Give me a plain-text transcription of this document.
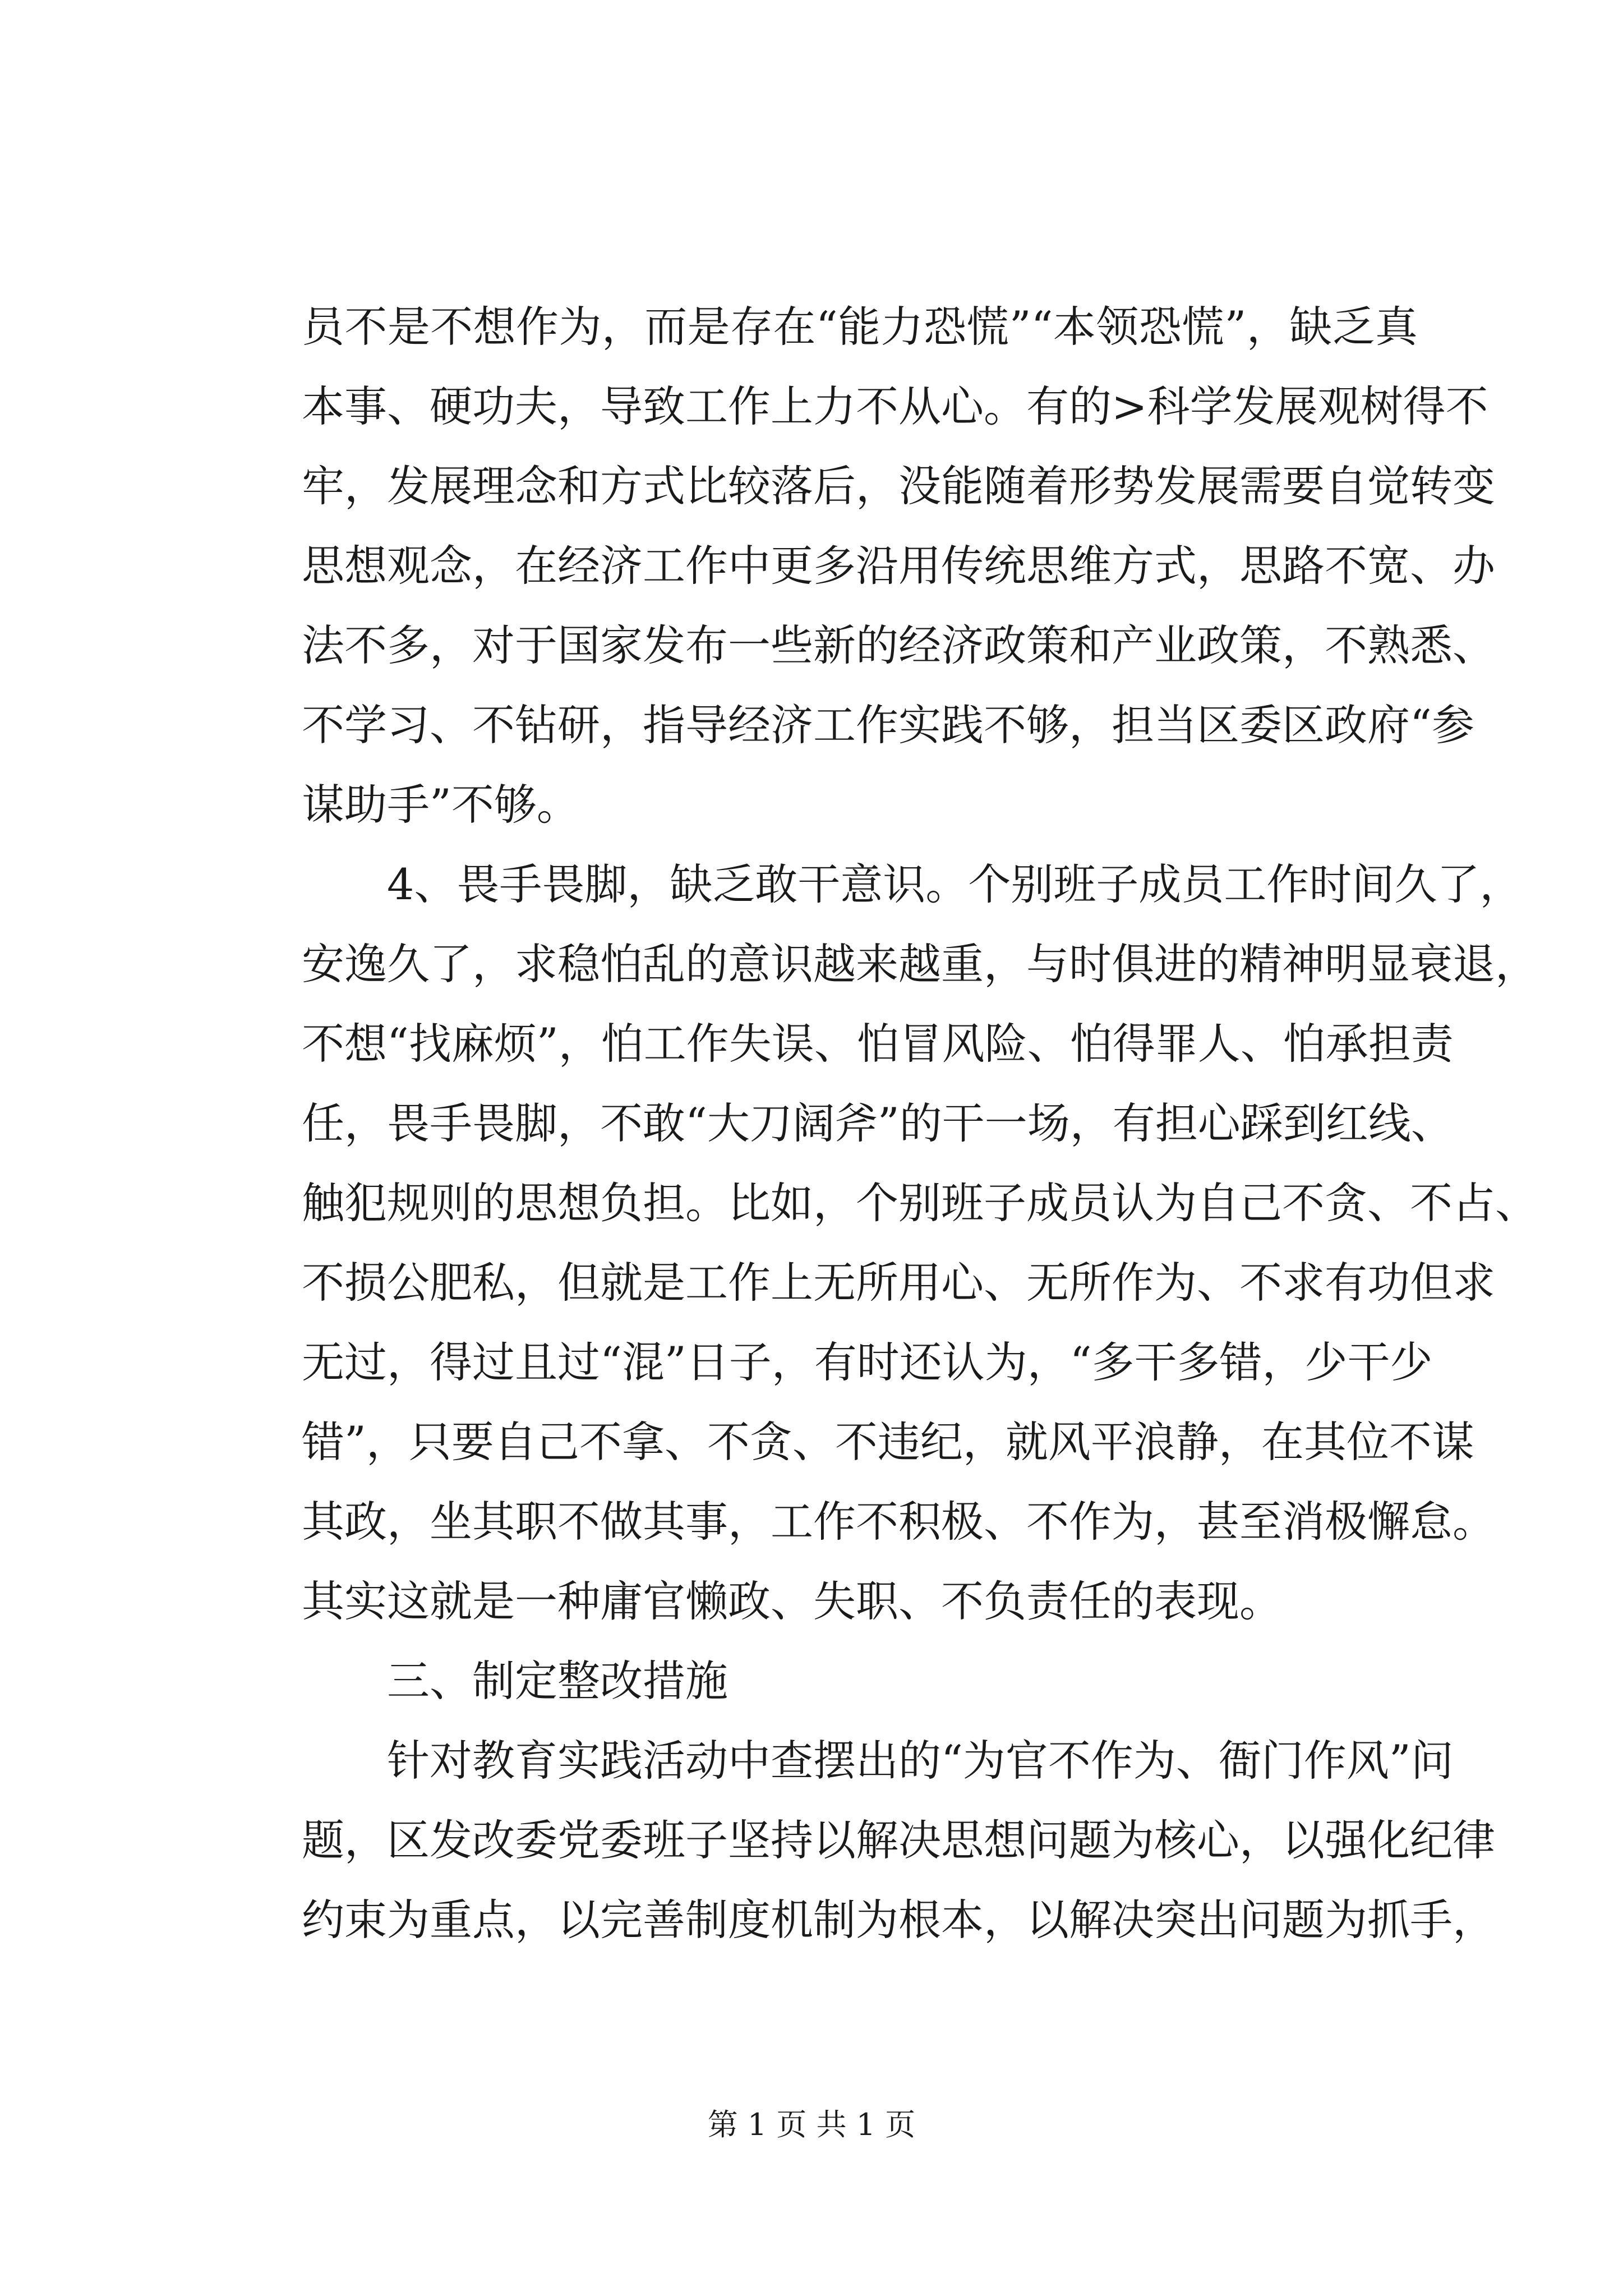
员不是不想作为，而是存在“能力恐慌”“本领恐慌”，缺乏真
本事、硬功夫，导致工作上力不从心。有的>科学发展观树得不
牢，发展理念和方式比较落后，没能随着形势发展需要自觉转变
思想观念，在经济工作中更多沿用传统思维方式，思路不宽、办
法不多，对于国家发布一些新的经济政策和产业政策，不熟悉、
不学习、不钻研，指导经济工作实践不够，担当区委区政府“参
谋助手”不够。
4、畏手畏脚，缺乏敢干意识。个别班子成员工作时间久了，
安逸久了，求稳怕乱的意识越来越重，与时俱进的精神明显衰退，
不想“找麻烦”，怕工作失误、怕冒风险、怕得罪人、怕承担责
任，畏手畏脚，不敢“大刀阔斧”的干一场，有担心踩到红线、
触犯规则的思想负担。比如，个别班子成员认为自己不贪、不占、
不损公肥私，但就是工作上无所用心、无所作为、不求有功但求
无过，得过且过“混”日子，有时还认为，“多干多错，少干少
错”，只要自己不拿、不贪、不违纪，就风平浪静，在其位不谋
其政，坐其职不做其事，工作不积极、不作为，甚至消极懈怠。
其实这就是一种庸官懒政、失职、不负责任的表现。
三、制定整改措施
针对教育实践活动中查摆出的“为官不作为、衙门作风”问
题，区发改委党委班子坚持以解决思想问题为核心，以强化纪律
约束为重点，以完善制度机制为根本，以解决突出问题为抓手，
第 1 页 共 1 页
